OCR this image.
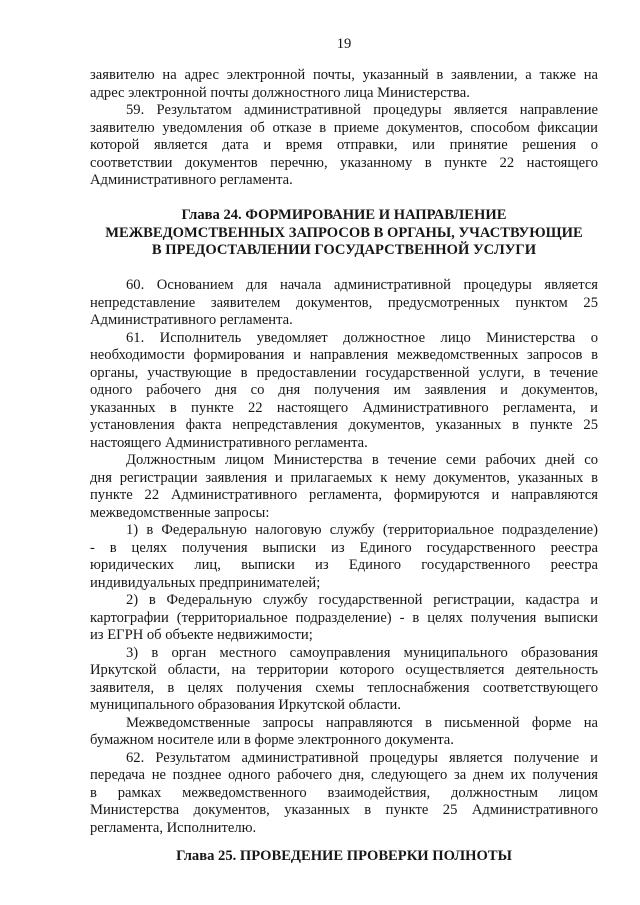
19
заявителю на адрес электронной почты, указанный в заявлении, а также на
адрес электронной почты должностного лица Министерства.
59. Результатом административной процедуры является направление
заявителю уведомления об отказе в приеме документов, способом фиксации
которой является дата и время отправки, или принятие решения о
соответствии документов перечню, указанному в пункте 22 настоящего
Административного регламента.
Глава 24. ФОРМИРОВАНИЕ И НАПРАВЛЕНИЕ
МЕЖВЕДОМСТВЕННЫХ ЗАПРОСОВ В ОРГАНЫ, УЧАСТВУЮЩИЕ
В ПРЕДОСТАВЛЕНИИ ГОСУДАРСТВЕННОЙ УСЛУГИ
60. Основанием для начала административной процедуры является
непредставление заявителем документов, предусмотренных пунктом 25
Административного регламента.
61. Исполнитель уведомляет должностное лицо Министерства о
необходимости формирования и направления межведомственных запросов в
органы, участвующие в предоставлении государственной услуги, в течение
одного рабочего дня со дня получения им заявления и документов,
указанных в пункте 22 настоящего Административного регламента, и
установления факта непредставления документов, указанных в пункте 25
настоящего Административного регламента.
Должностным лицом Министерства в течение семи рабочих дней со
дня регистрации заявления и прилагаемых к нему документов, указанных в
пункте 22 Административного регламента, формируются и направляются
межведомственные запросы:
1) в Федеральную налоговую службу (территориальное подразделение)
- в целях получения выписки из Единого государственного реестра
юридических лиц, выписки из Единого государственного реестра
индивидуальных предпринимателей;
2) в Федеральную службу государственной регистрации, кадастра и
картографии (территориальное подразделение) - в целях получения выписки
из ЕГРН об объекте недвижимости;
3) в орган местного самоуправления муниципального образования
Иркутской области, на территории которого осуществляется деятельность
заявителя, в целях получения схемы теплоснабжения соответствующего
муниципального образования Иркутской области.
Межведомственные запросы направляются в письменной форме на
бумажном носителе или в форме электронного документа.
62. Результатом административной процедуры является получение и
передача не позднее одного рабочего дня, следующего за днем их получения
в рамках межведомственного взаимодействия, должностным лицом
Министерства документов, указанных в пункте 25 Административного
регламента, Исполнителю.
Глава 25. ПРОВЕДЕНИЕ ПРОВЕРКИ ПОЛНОТЫ
